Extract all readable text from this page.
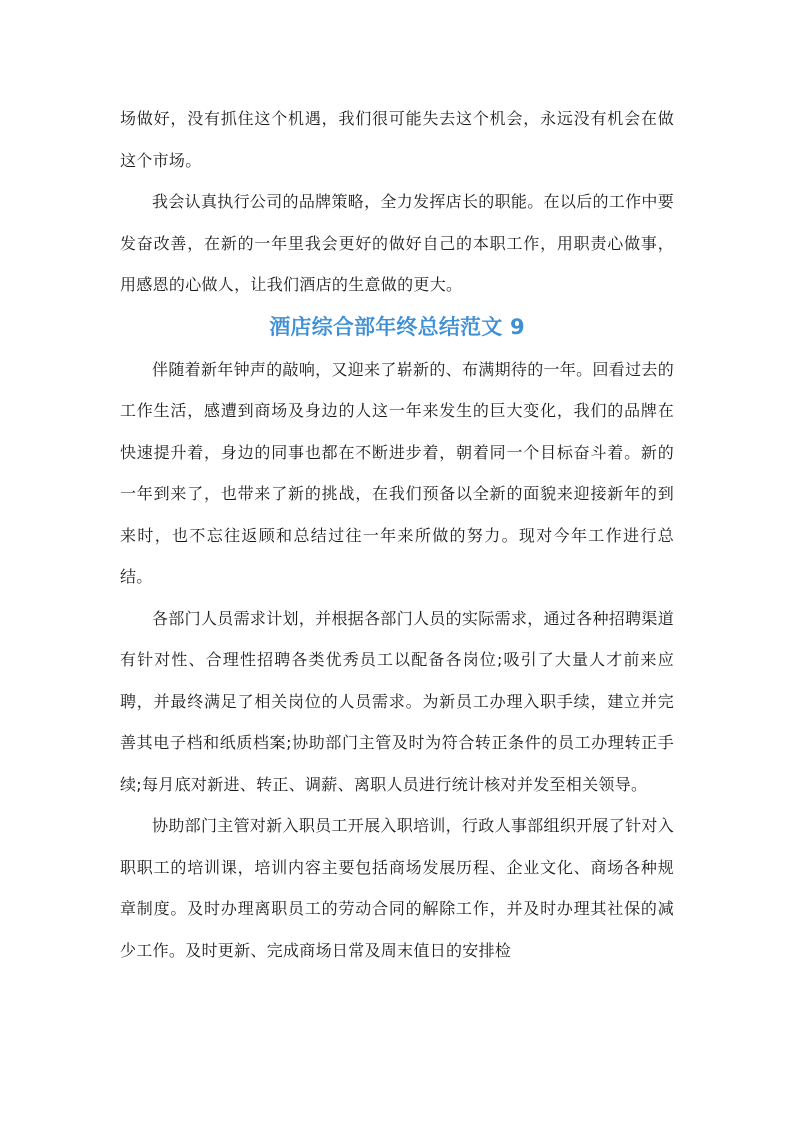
场做好，没有抓住这个机遇，我们很可能失去这个机会，永远没有机会在做这个市场。

我会认真执行公司的品牌策略，全力发挥店长的职能。在以后的工作中要发奋改善，在新的一年里我会更好的做好自己的本职工作，用职责心做事，用感恩的心做人，让我们酒店的生意做的更大。

酒店综合部年终总结范文 9

伴随着新年钟声的敲响，又迎来了崭新的、布满期待的一年。回看过去的工作生活，感遭到商场及身边的人这一年来发生的巨大变化，我们的品牌在快速提升着，身边的同事也都在不断进步着，朝着同一个目标奋斗着。新的一年到来了，也带来了新的挑战，在我们预备以全新的面貌来迎接新年的到来时，也不忘往返顾和总结过往一年来所做的努力。现对今年工作进行总结。

各部门人员需求计划，并根据各部门人员的实际需求，通过各种招聘渠道有针对性、合理性招聘各类优秀员工以配备各岗位;吸引了大量人才前来应聘，并最终满足了相关岗位的人员需求。为新员工办理入职手续，建立并完善其电子档和纸质档案;协助部门主管及时为符合转正条件的员工办理转正手续;每月底对新进、转正、调薪、离职人员进行统计核对并发至相关领导。

协助部门主管对新入职员工开展入职培训，行政人事部组织开展了针对入职职工的培训课，培训内容主要包括商场发展历程、企业文化、商场各种规章制度。及时办理离职员工的劳动合同的解除工作，并及时办理其社保的减少工作。及时更新、完成商场日常及周末值日的安排检
